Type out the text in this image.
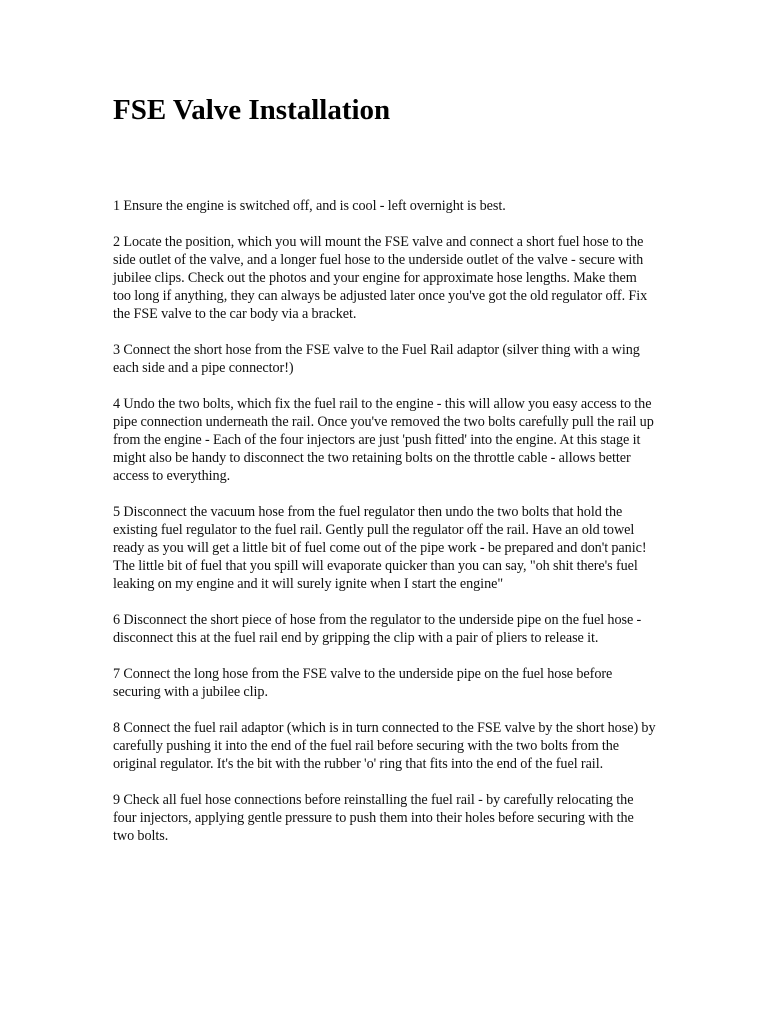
FSE Valve Installation

1 Ensure the engine is switched off, and is cool - left overnight is best.

2 Locate the position, which you will mount the FSE valve and connect a short fuel hose to the side outlet of the valve, and a longer fuel hose to the underside outlet of the valve - secure with jubilee clips. Check out the photos and your engine for approximate hose lengths. Make them too long if anything, they can always be adjusted later once you've got the old regulator off. Fix the FSE valve to the car body via a bracket.

3 Connect the short hose from the FSE valve to the Fuel Rail adaptor (silver thing with a wing each side and a pipe connector!)

4 Undo the two bolts, which fix the fuel rail to the engine - this will allow you easy access to the pipe connection underneath the rail. Once you've removed the two bolts carefully pull the rail up from the engine - Each of the four injectors are just 'push fitted' into the engine. At this stage it might also be handy to disconnect the two retaining bolts on the throttle cable - allows better access to everything.

5 Disconnect the vacuum hose from the fuel regulator then undo the two bolts that hold the existing fuel regulator to the fuel rail. Gently pull the regulator off the rail. Have an old towel ready as you will get a little bit of fuel come out of the pipe work - be prepared and don't panic! The little bit of fuel that you spill will evaporate quicker than you can say, "oh shit there's fuel leaking on my engine and it will surely ignite when I start the engine"

6 Disconnect the short piece of hose from the regulator to the underside pipe on the fuel hose - disconnect this at the fuel rail end by gripping the clip with a pair of pliers to release it.

7 Connect the long hose from the FSE valve to the underside pipe on the fuel hose before securing with a jubilee clip.

8 Connect the fuel rail adaptor (which is in turn connected to the FSE valve by the short hose) by carefully pushing it into the end of the fuel rail before securing with the two bolts from the original regulator. It's the bit with the rubber 'o' ring that fits into the end of the fuel rail.

9 Check all fuel hose connections before reinstalling the fuel rail - by carefully relocating the four injectors, applying gentle pressure to push them into their holes before securing with the two bolts.
